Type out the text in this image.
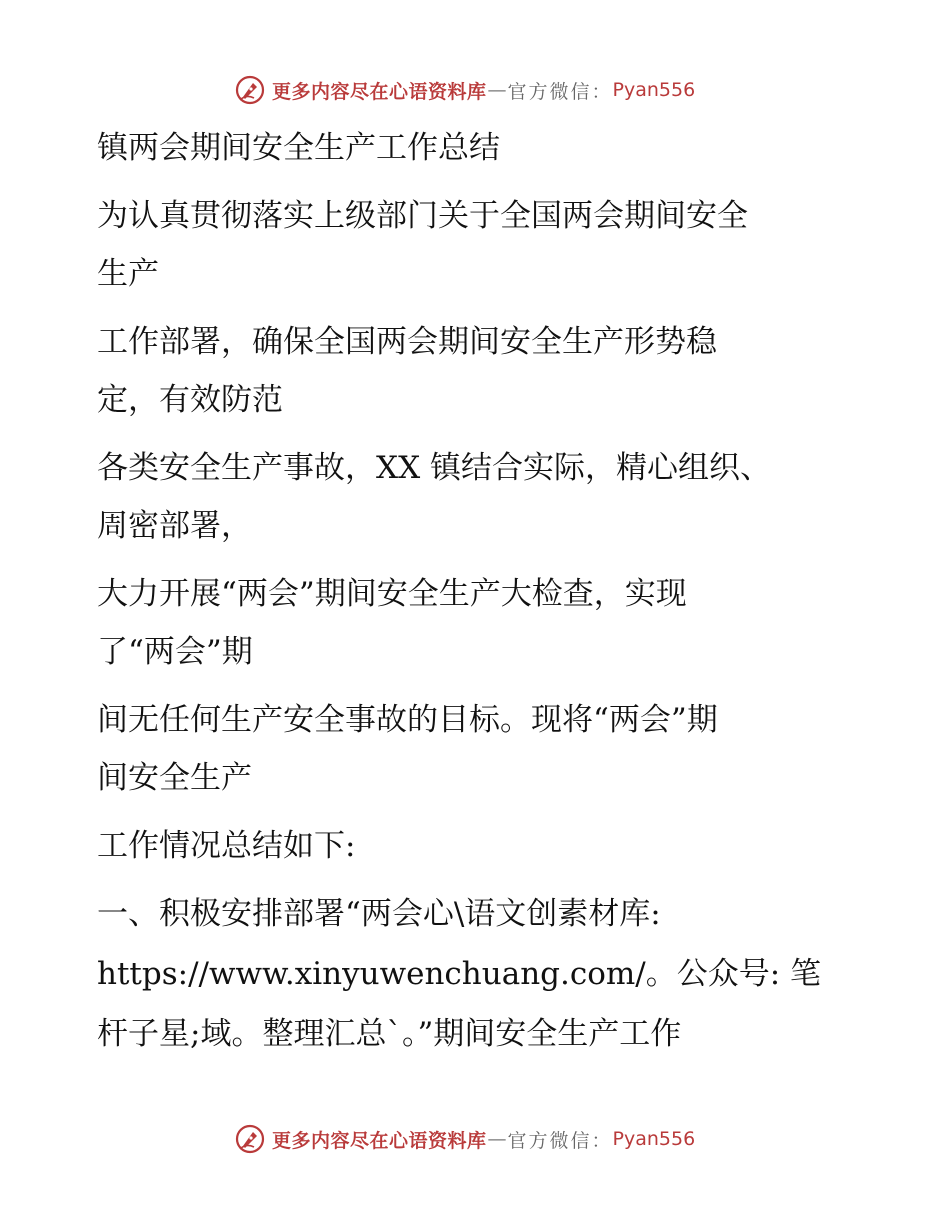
更多内容尽在心语资料库 — 官方微信： Pyan556
镇两会期间安全生产工作总结
为认真贯彻落实上级部门关于全国两会期间安全
生产
工作部署，确保全国两会期间安全生产形势稳
定，有效防范
各类安全生产事故，XX 镇结合实际，精心组织、
周密部署，
大力开展“两会”期间安全生产大检查，实现
了“两会”期
间无任何生产安全事故的目标。现将“两会”期
间安全生产
工作情况总结如下:
一、积极安排部署“两会心\语文创素材库:
https://www.xinyuwenchuang.com/。公众号: 笔
杆子星;域。整理汇总`。”期间安全生产工作
更多内容尽在心语资料库 — 官方微信： Pyan556
